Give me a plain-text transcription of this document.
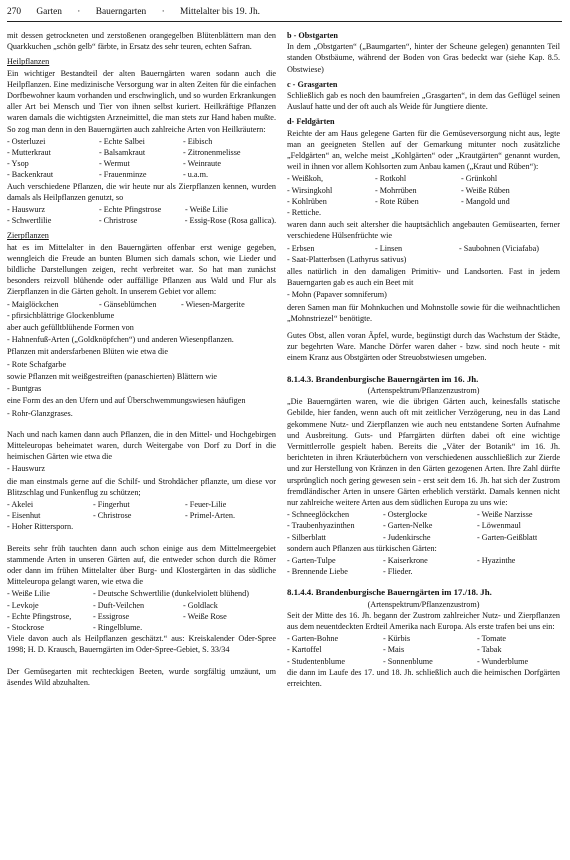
270 Garten · Bauerngarten · Mittelalter bis 19. Jh.

mit dessen getrockneten und zerstoßenen orangegelben Blütenblättern man den Quarkkuchen „schön gelb“ färbte, in Ersatz des sehr teuren, echten Safran.

Heilpflanzen

Ein wichtiger Bestandteil der alten Bauerngärten waren sodann auch die Heilpflanzen. Eine medizinische Versorgung war in alten Zeiten für die einfachen Dorfbewohner kaum vorhanden und erschwinglich, und so wurden Erkrankungen aller Art bei Mensch und Tier von ihnen selbst kuriert. Heilkräftige Pflanzen waren damals die wichtigsten Arzneimittel, die man stets zur Hand haben mußte. So zog man denn in den Bauerngärten auch zahlreiche Arten von Heilkräutern:

- Osterluzei	- Echte Salbei	- Eibisch
- Mutterkraut	- Balsamkraut	- Zitronenmelisse
- Ysop	- Wermut	- Weinraute
- Backenkraut	- Frauenminze	- u.a.m.

Auch verschiedene Pflanzen, die wir heute nur als Zierpflanzen kennen, wurden damals als Heilpflanzen genutzt, so

- Hauswurz	- Echte Pfingstrose	- Weiße Lilie
- Schwertlilie	- Christrose	- Essig-Rose (Rosa gallica).

Zierpflanzen

hat es im Mittelalter in den Bauerngärten offenbar erst wenige gegeben, wenngleich die Freude an bunten Blumen sich damals schon, wie Lieder und bildliche Darstellungen zeigen, recht verbreitet war. So hat man zunächst besonders reizvoll blühende oder auffällige Pflanzen aus Wald und Flur als Zierpflanzen in die Gärten geholt. In unserem Gebiet vor allem:

- Maiglöckchen	- Gänseblümchen	- Wiesen-Margerite

- pfirsichblättrige Glockenblume

aber auch gefülltblühende Formen von

- Hahnenfuß-Arten („Goldknöpfchen“) und anderen Wiesenpflanzen.

Pflanzen mit andersfarbenen Blüten wie etwa die

- Rote Schafgarbe

sowie Pflanzen mit weißgestreiften (panaschierten) Blättern wie

- Buntgras

eine Form des an den Ufern und auf Überschwemmungswiesen häufigen

- Rohr-Glanzgrases.

Nach und nach kamen dann auch Pflanzen, die in den Mittel- und Hochgebirgen Mitteleuropas beheimatet waren, durch Weitergabe von Dorf zu Dorf in die heimischen Gärten wie etwa die

- Hauswurz

die man einstmals gerne auf die Schilf- und Strohdächer pflanzte, um diese vor Blitzschlag und Funkenflug zu schützen;

- Akelei	- Fingerhut	- Feuer-Lilie
- Eisenhut	- Christrose	- Primel-Arten.

- Hoher Rittersporn.

Bereits sehr früh tauchten dann auch schon einige aus dem Mittelmeergebiet stammende Arten in unseren Gärten auf, die entweder schon durch die Römer oder dann im frühen Mittelalter über Burg- und Klostergärten in das südliche Mitteleuropa gelangt waren, wie etwa die

- Weiße Lilie	- Deutsche Schwertlilie (dunkelviolett blühend)
- Levkoje	- Duft-Veilchen	- Goldlack
- Echte Pfingstrose,	- Essigrose	- Weiße Rose
- Stockrose	- Ringelblume.

Viele davon auch als Heilpflanzen geschätzt.“ aus: Kreiskalender Oder-Spree 1998; H. D. Krausch, Bauerngärten im Oder-Spree-Gebiet, S. 33/34

Der Gemüsegarten mit rechteckigen Beeten, wurde sorgfältig umzäunt, um äsendes Wild abzuhalten.

b - Obstgarten

In dem „Obstgarten“ („Baumgarten“, hinter der Scheune gelegen) genannten Teil standen Obstbäume, während der Boden von Gras bedeckt war (siehe Kap. 8.5. Obstwiese)

c - Grasgarten

Schließlich gab es noch den baumfreien „Grasgarten“, in dem das Geflügel seinen Auslauf hatte und der oft auch als Weide für Jungtiere diente.

d- Feldgärten

Reichte der am Haus gelegene Garten für die Gemüseversorgung nicht aus, legte man an geeigneten Stellen auf der Gemarkung mitunter noch zusätzliche „Feldgärten“ an, welche meist „Kohlgärten“ oder „Krautgärten“ genannt wurden, weil in ihnen vor allem Kohlsorten zum Anbau kamen („Kraut und Rüben“):

- Weißkoh,	- Rotkohl	- Grünkohl
- Wirsingkohl	- Mohrrüben	- Weiße Rüben
- Kohlrüben	- Rote Rüben	- Mangold und

- Rettiche.

waren dann auch seit altersher die hauptsächlich angebauten Gemüsearten, ferner verschiedene Hülsenfrüchte wie

- Erbsen	- Linsen	- Saubohnen (Viciafaba)

- Saat-Platterbsen (Lathyrus sativus)

alles natürlich in den damaligen Primitiv- und Landsorten. Fast in jedem Bauerngarten gab es auch ein Beet mit

- Mohn (Papaver somniferum)

deren Samen man für Mohnkuchen und Mohnstolle sowie für die weihnachtlichen „Mohnstriezel“ benötigte.

Gutes Obst, allen voran Äpfel, wurde, begünstigt durch das Wachstum der Städte, zur begehrten Ware. Manche Dörfer waren daher - bzw. sind noch heute - mit einem Kranz aus Obstgärten oder Streuobstwiesen umgeben.

8.1.4.3. Brandenburgische Bauerngärten im 16. Jh.

(Artenspektrum/Pflanzenzustrom)

„Die Bauerngärten waren, wie die übrigen Gärten auch, keinesfalls statische Gebilde, hier fanden, wenn auch oft mit zeitlicher Verzögerung, neu in das Land gekommene Nutz- und Zierpflanzen wie auch neu entstandene Sorten Aufnahme und Ausbreitung. Guts- und Pfarrgärten dürften dabei oft eine wichtige Vermittlerrolle gespielt haben. Bereits die „Väter der Botanik“ im 16. Jh. berichteten in ihren Kräuterbüchern von verschiedenen ausschließlich zur Zierde und zur Herstellung von Kränzen in den Gärten gezogenen Arten. Ihre Zahl dürfte ursprünglich noch gering gewesen sein - erst seit dem 16. Jh. hat sich der Zustrom fremdländischer Arten in unsere Gärten erheblich verstärkt. Damals kennen nicht nur zahlreiche weitere Arten aus dem südlichen Europa zu uns wie:

- Schneeglöckchen	- Osterglocke	- Weiße Narzisse
- Traubenhyazinthen	- Garten-Nelke	- Löwenmaul
- Silberblatt	- Judenkirsche	- Garten-Geißblatt

sondern auch Pflanzen aus türkischen Gärten:

- Garten-Tulpe	- Kaiserkrone	- Hyazinthe
- Brennende Liebe	- Flieder.

8.1.4.4. Brandenburgische Bauerngärten im 17./18. Jh.

(Artenspektrum/Pflanzenzustrom)

Seit der Mitte des 16. Jh. begann der Zustrom zahlreicher Nutz- und Zierpflanzen aus dem neuentdeckten Erdteil Amerika nach Europa. Als erste trafen bei uns ein:

- Garten-Bohne	- Kürbis	- Tomate
- Kartoffel	- Mais	- Tabak
- Studentenblume	- Sonnenblume	- Wunderblume

die dann im Laufe des 17. und 18. Jh. schließlich auch die heimischen Dorfgärten erreichten.
